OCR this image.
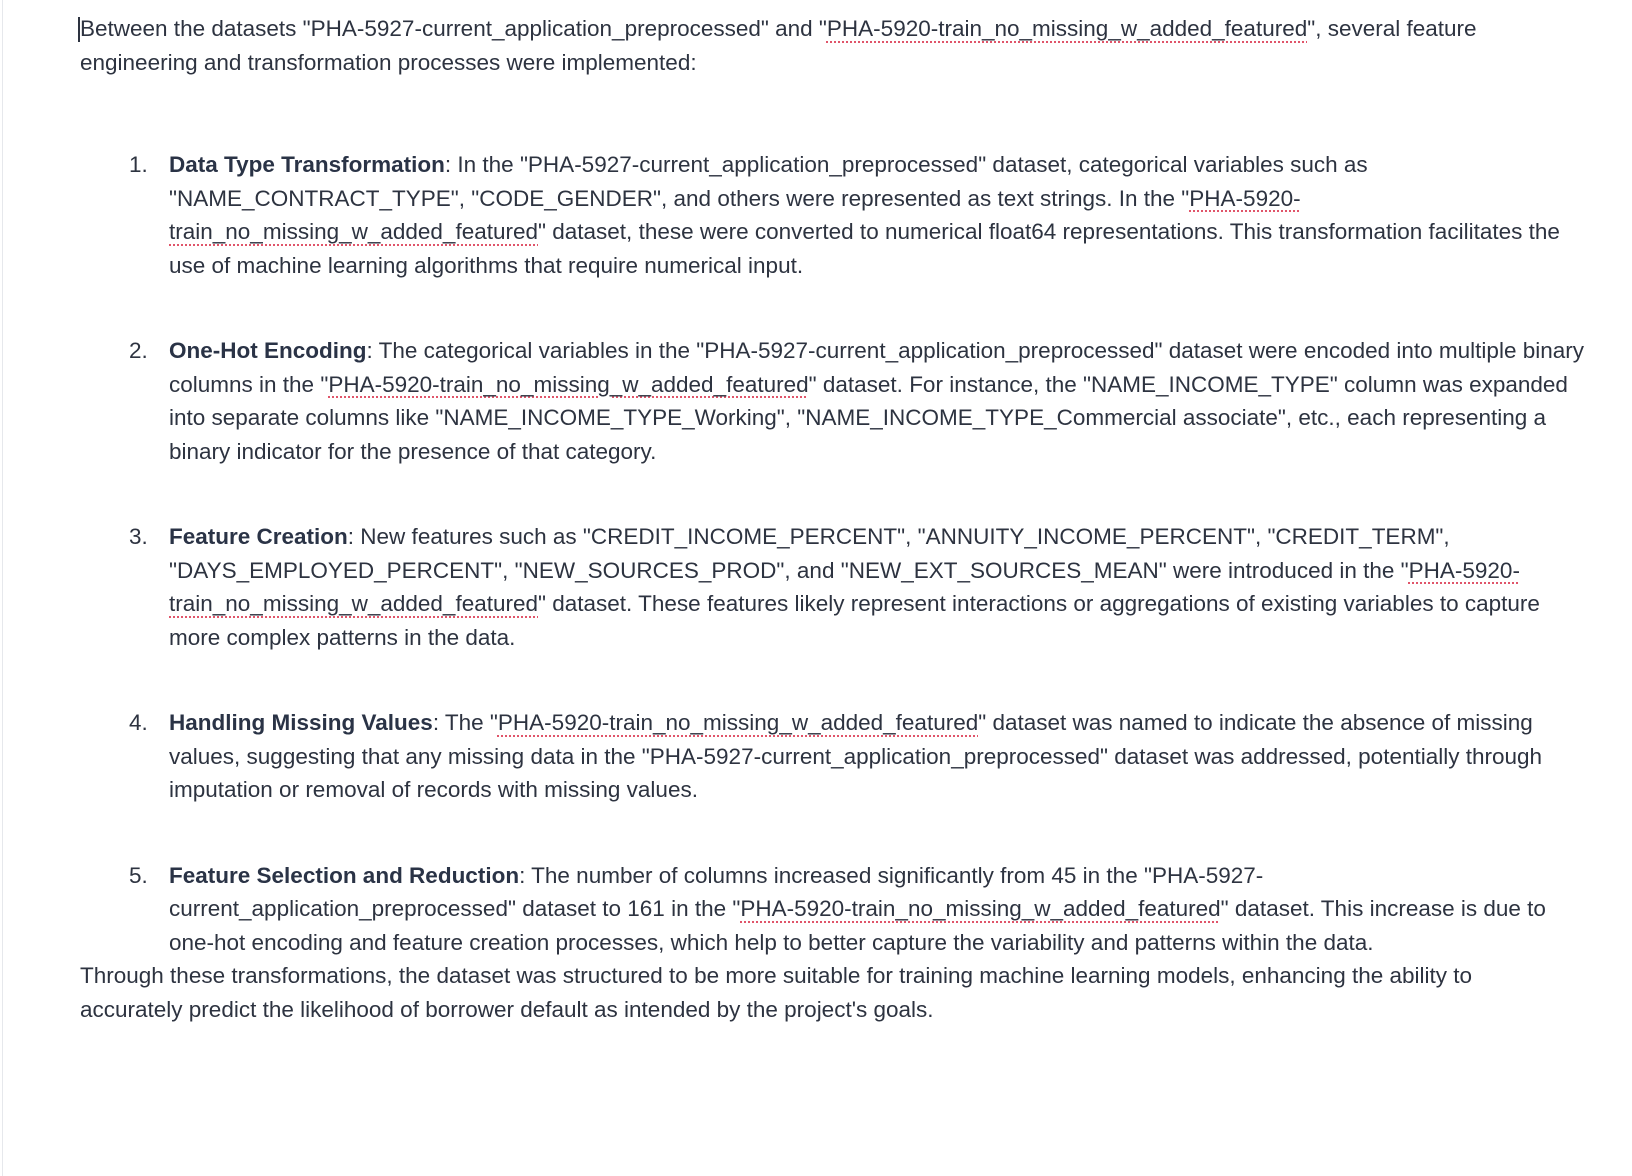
Between the datasets "PHA-5927-current_application_preprocessed" and "PHA-5920-train_no_missing_w_added_featured", several feature engineering and transformation processes were implemented:

1. Data Type Transformation: In the "PHA-5927-current_application_preprocessed" dataset, categorical variables such as "NAME_CONTRACT_TYPE", "CODE_GENDER", and others were represented as text strings. In the "PHA-5920-train_no_missing_w_added_featured" dataset, these were converted to numerical float64 representations. This transformation facilitates the use of machine learning algorithms that require numerical input.
2. One-Hot Encoding: The categorical variables in the "PHA-5927-current_application_preprocessed" dataset were encoded into multiple binary columns in the "PHA-5920-train_no_missing_w_added_featured" dataset. For instance, the "NAME_INCOME_TYPE" column was expanded into separate columns like "NAME_INCOME_TYPE_Working", "NAME_INCOME_TYPE_Commercial associate", etc., each representing a binary indicator for the presence of that category.
3. Feature Creation: New features such as "CREDIT_INCOME_PERCENT", "ANNUITY_INCOME_PERCENT", "CREDIT_TERM", "DAYS_EMPLOYED_PERCENT", "NEW_SOURCES_PROD", and "NEW_EXT_SOURCES_MEAN" were introduced in the "PHA-5920-train_no_missing_w_added_featured" dataset. These features likely represent interactions or aggregations of existing variables to capture more complex patterns in the data.
4. Handling Missing Values: The "PHA-5920-train_no_missing_w_added_featured" dataset was named to indicate the absence of missing values, suggesting that any missing data in the "PHA-5927-current_application_preprocessed" dataset was addressed, potentially through imputation or removal of records with missing values.
5. Feature Selection and Reduction: The number of columns increased significantly from 45 in the "PHA-5927-current_application_preprocessed" dataset to 161 in the "PHA-5920-train_no_missing_w_added_featured" dataset. This increase is due to one-hot encoding and feature creation processes, which help to better capture the variability and patterns within the data.

Through these transformations, the dataset was structured to be more suitable for training machine learning models, enhancing the ability to accurately predict the likelihood of borrower default as intended by the project's goals.
